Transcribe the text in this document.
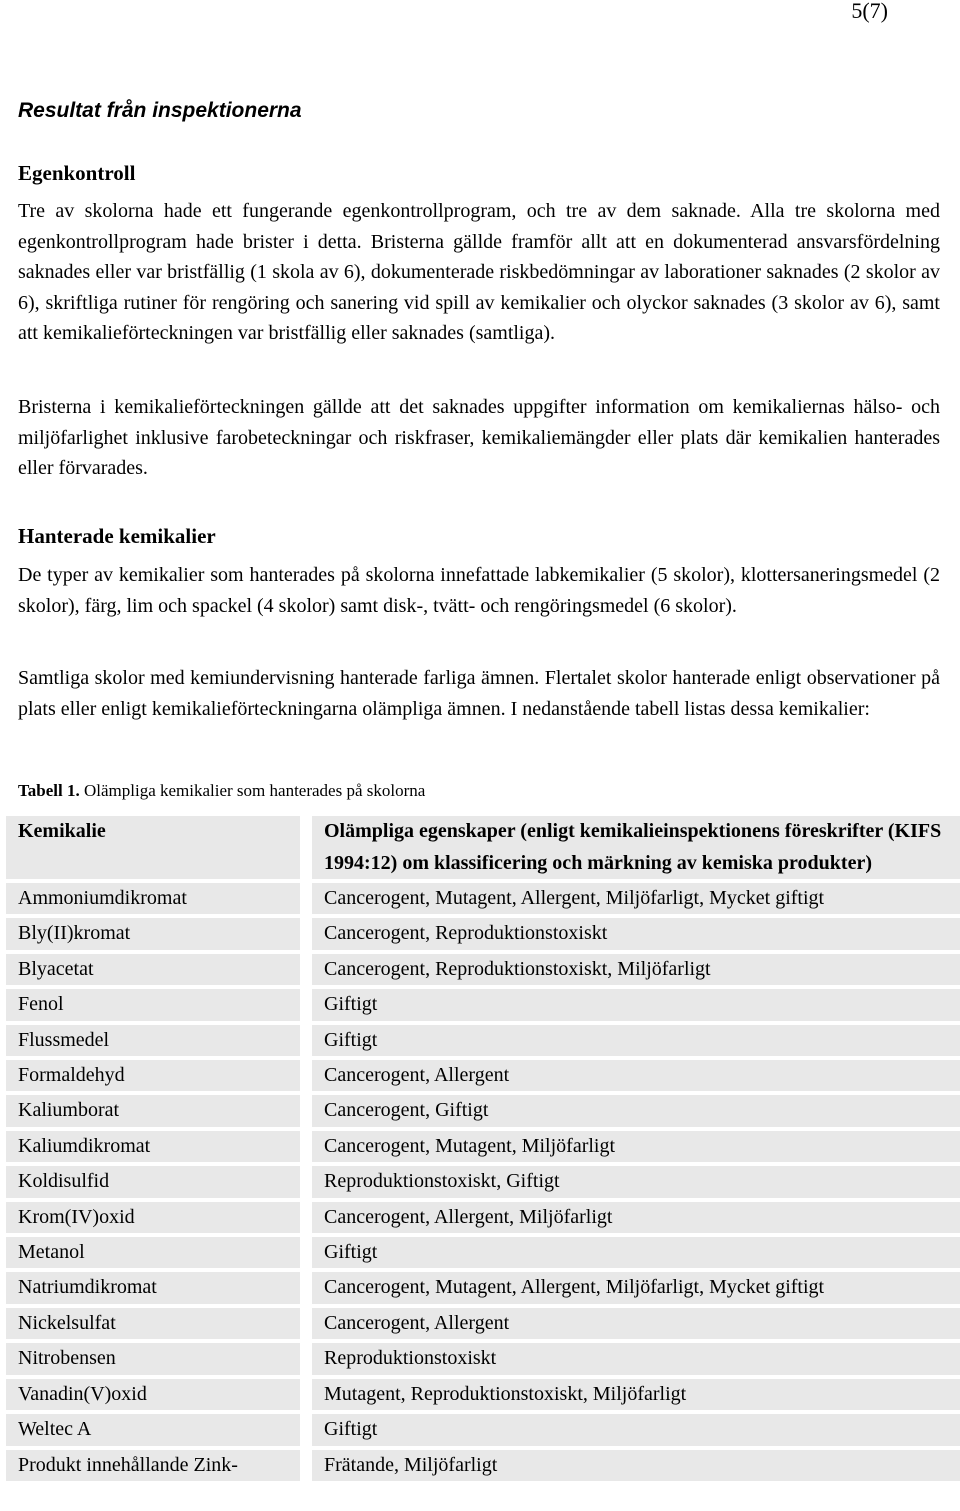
5(7)
Resultat från inspektionerna
Egenkontroll

Tre av skolorna hade ett fungerande egenkontrollprogram, och tre av dem saknade. Alla tre skolorna med egenkontrollprogram hade brister i detta. Bristerna gällde framför allt att en dokumenterad ansvarsfördelning saknades eller var bristfällig (1 skola av 6), dokumenterade riskbedömningar av laborationer saknades (2 skolor av 6), skriftliga rutiner för rengöring och sanering vid spill av kemikalier och olyckor saknades (3 skolor av 6), samt att kemikalieförteckningen var bristfällig eller saknades (samtliga).

Bristerna i kemikalieförteckningen gällde att det saknades uppgifter information om kemikaliernas hälso- och miljöfarlighet inklusive farobeteckningar och riskfraser, kemikaliemängder eller plats där kemikalien hanterades eller förvarades.

Hanterade kemikalier

De typer av kemikalier som hanterades på skolorna innefattade labkemikalier (5 skolor), klottersaneringsmedel (2 skolor), färg, lim och spackel (4 skolor) samt disk-, tvätt- och rengöringsmedel (6 skolor).

Samtliga skolor med kemiundervisning hanterade farliga ämnen. Flertalet skolor hanterade enligt observationer på plats eller enligt kemikalieförteckningarna olämpliga ämnen. I nedanstående tabell listas dessa kemikalier:

Tabell 1. Olämpliga kemikalier som hanterades på skolorna

Kemikalie		Olämpliga egenskaper (enligt kemikalieinspektionens föreskrifter (KIFS 1994:12) om klassificering och märkning av kemiska produkter)
Ammoniumdikromat		Cancerogent, Mutagent, Allergent, Miljöfarligt, Mycket giftigt
Bly(II)kromat		Cancerogent, Reproduktionstoxiskt
Blyacetat		Cancerogent, Reproduktionstoxiskt, Miljöfarligt
Fenol		Giftigt
Flussmedel		Giftigt
Formaldehyd		Cancerogent, Allergent
Kaliumborat		Cancerogent, Giftigt
Kaliumdikromat		Cancerogent, Mutagent, Miljöfarligt
Koldisulfid		Reproduktionstoxiskt, Giftigt
Krom(IV)oxid		Cancerogent, Allergent, Miljöfarligt
Metanol		Giftigt
Natriumdikromat		Cancerogent, Mutagent, Allergent, Miljöfarligt, Mycket giftigt
Nickelsulfat		Cancerogent, Allergent
Nitrobensen		Reproduktionstoxiskt
Vanadin(V)oxid		Mutagent, Reproduktionstoxiskt, Miljöfarligt
Weltec A		Giftigt
Produkt innehållande Zink-		Frätande, Miljöfarligt
